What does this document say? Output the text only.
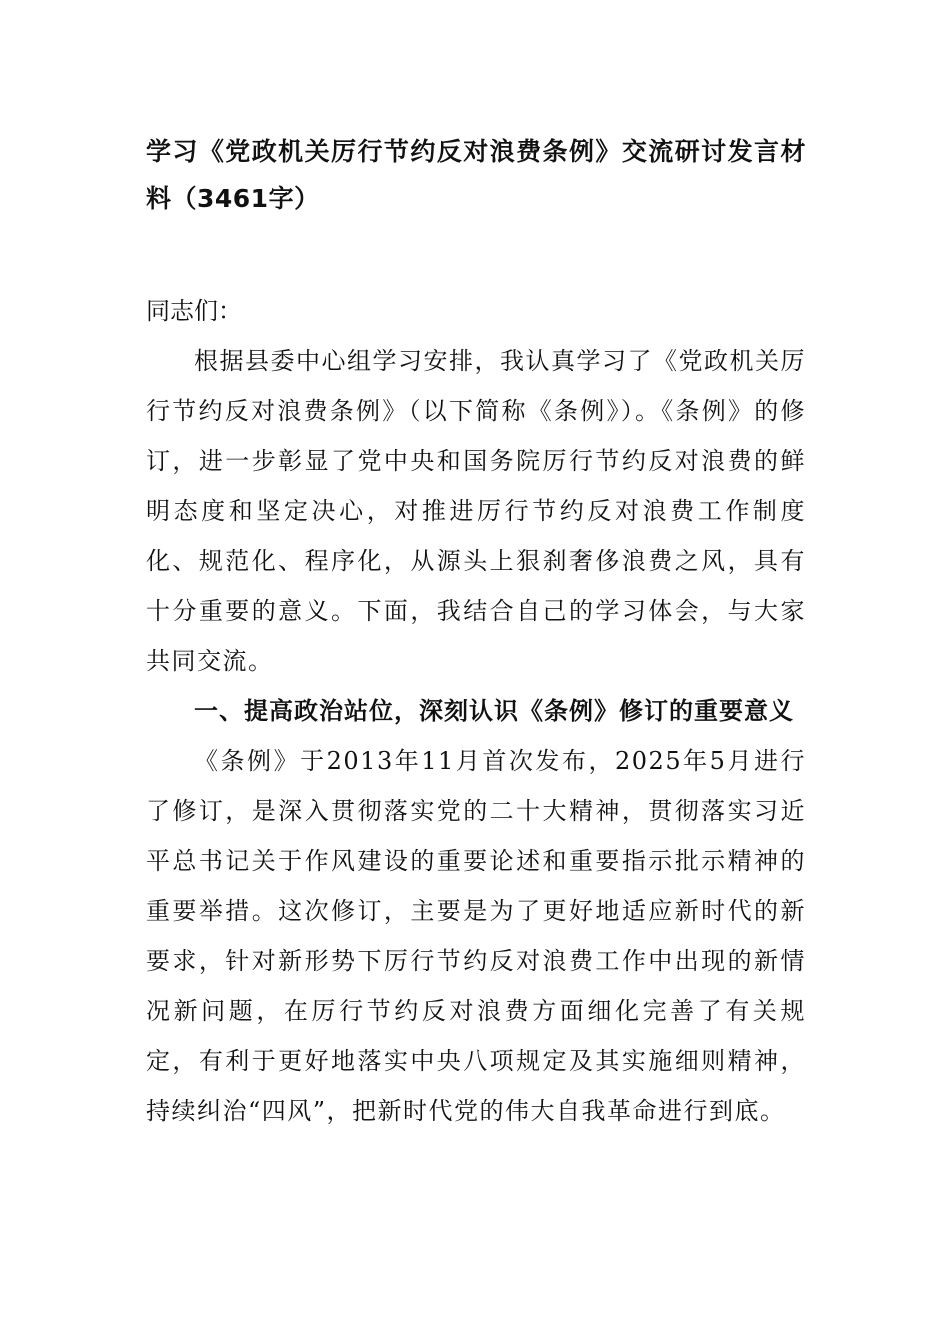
学习《党政机关厉行节约反对浪费条例》交流研讨发言材料（3461字）

同志们：

根据县委中心组学习安排，我认真学习了《党政机关厉行节约反对浪费条例》（以下简称《条例》）。《条例》的修订，进一步彰显了党中央和国务院厉行节约反对浪费的鲜明态度和坚定决心，对推进厉行节约反对浪费工作制度化、规范化、程序化，从源头上狠刹奢侈浪费之风，具有十分重要的意义。下面，我结合自己的学习体会，与大家共同交流。

一、提高政治站位，深刻认识《条例》修订的重要意义

《条例》于2013年11月首次发布，2025年5月进行了修订，是深入贯彻落实党的二十大精神，贯彻落实习近平总书记关于作风建设的重要论述和重要指示批示精神的重要举措。这次修订，主要是为了更好地适应新时代的新要求，针对新形势下厉行节约反对浪费工作中出现的新情况新问题，在厉行节约反对浪费方面细化完善了有关规定，有利于更好地落实中央八项规定及其实施细则精神，持续纠治“四风”，把新时代党的伟大自我革命进行到底。
